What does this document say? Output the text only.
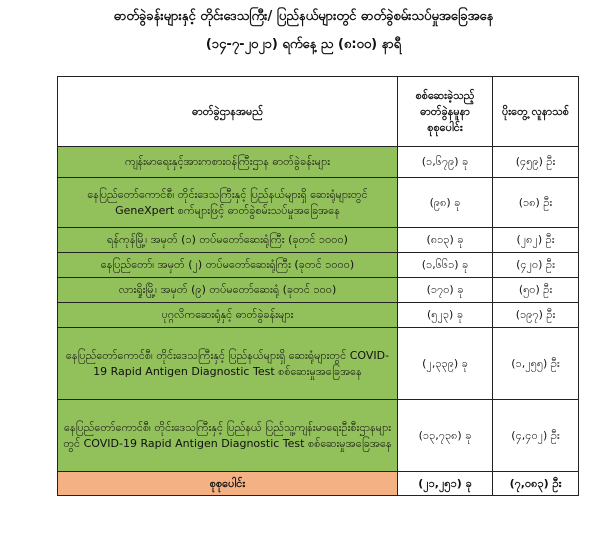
ဓာတ်ခွဲခန်းများနှင့် တိုင်းဒေသကြီး/ ပြည်နယ်များတွင် ဓာတ်ခွဲစမ်းသပ်မှုအခြေအနေ
(၁၄-၇-၂၀၂၁) ရက်နေ့ ည (၈:၀၀) နာရီ
ဓာတ်ခွဲဌာနအမည်	စစ်ဆေးခဲ့သည့် ဓာတ်ခွဲနမူနာ စုစုပေါင်း	ပိုးတွေ့ လူနာသစ်
ကျန်းမာရေးနှင့်အားကစားဝန်ကြီးဌာန ဓာတ်ခွဲခန်းများ	(၁,၆၇၉) ခု	(၄၅၉) ဦး
နေပြည်တော်ကောင်စီ၊ တိုင်းဒေသကြီးနှင့် ပြည်နယ်များရှိ ဆေးရုံများတွင် GeneXpert စက်များဖြင့် ဓာတ်ခွဲစမ်းသပ်မှုအခြေအနေ	(၉၈) ခု	(၁၈) ဦး
ရန်ကုန်မြို့၊ အမှတ် (၁) တပ်မတော်ဆေးရုံကြီး (ခုတင် ၁၀၀၀)	(၈၁၃) ခု	(၂၈၂) ဦး
နေပြည်တော်၊ အမှတ် (၂) တပ်မတော်ဆေးရုံကြီး (ခုတင် ၁၀၀၀)	(၁,၆၆၁) ခု	(၄၂၀) ဦး
လားရှိုးမြို့၊ အမှတ် (၉) တပ်မတော်ဆေးရုံ (ခုတင် ၁၀၀)	(၁၇၀) ခု	(၅၀) ဦး
ပုဂ္ဂလိကဆေးရုံနှင့် ဓာတ်ခွဲခန်းများ	(၅၂၃) ခု	(၁၉၇) ဦး
နေပြည်တော်ကောင်စီ၊ တိုင်းဒေသကြီးနှင့် ပြည်နယ်များရှိ ဆေးရုံများတွင် COVID-19 Rapid Antigen Diagnostic Test စစ်ဆေးမှုအခြေအနေ	(၂,၃၃၉) ခု	(၁,၂၅၅) ဦး
နေပြည်တော်ကောင်စီ၊ တိုင်းဒေသကြီးနှင့် ပြည်နယ် ပြည်သူ့ကျန်းမာရေးဦးစီးဌာနများတွင် COVID-19 Rapid Antigen Diagnostic Test စစ်ဆေးမှုအခြေအနေ	(၁၃,၇၃၈) ခု	(၄,၄၀၂) ဦး
စုစုပေါင်း	(၂၁,၂၅၁) ခု	(၇,၀၈၃) ဦး
